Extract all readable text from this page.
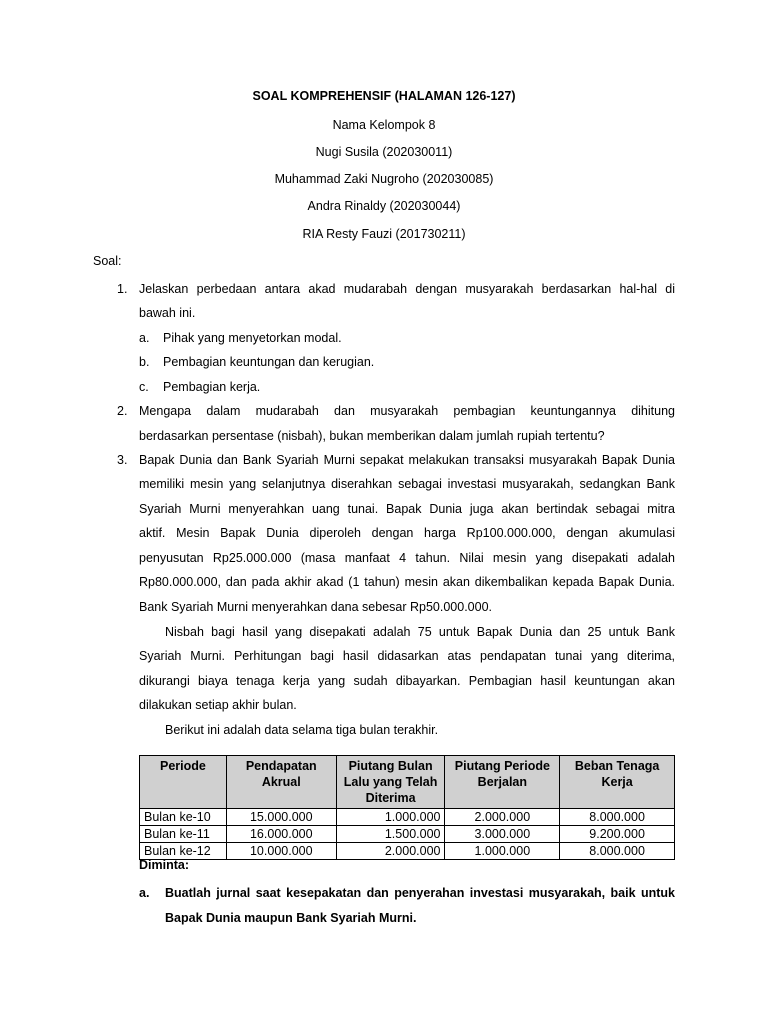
SOAL KOMPREHENSIF (HALAMAN 126-127)
Nama Kelompok 8
Nugi Susila (202030011)
Muhammad Zaki Nugroho (202030085)
Andra Rinaldy (202030044)
RIA Resty Fauzi (201730211)
Soal:
1. Jelaskan perbedaan antara akad mudarabah dengan musyarakah berdasarkan hal-hal di
bawah ini.
a. Pihak yang menyetorkan modal.
b. Pembagian keuntungan dan kerugian.
c. Pembagian kerja.
2. Mengapa dalam mudarabah dan musyarakah pembagian keuntungannya dihitung
berdasarkan persentase (nisbah), bukan memberikan dalam jumlah rupiah tertentu?
3. Bapak Dunia dan Bank Syariah Murni sepakat melakukan transaksi musyarakah Bapak Dunia
memiliki mesin yang selanjutnya diserahkan sebagai investasi musyarakah, sedangkan Bank
Syariah Murni menyerahkan uang tunai. Bapak Dunia juga akan bertindak sebagai mitra
aktif. Mesin Bapak Dunia diperoleh dengan harga Rp100.000.000, dengan akumulasi
penyusutan Rp25.000.000 (masa manfaat 4 tahun. Nilai mesin yang disepakati adalah
Rp80.000.000, dan pada akhir akad (1 tahun) mesin akan dikembalikan kepada Bapak Dunia.
Bank Syariah Murni menyerahkan dana sebesar Rp50.000.000.
Nisbah bagi hasil yang disepakati adalah 75 untuk Bapak Dunia dan 25 untuk Bank
Syariah Murni. Perhitungan bagi hasil didasarkan atas pendapatan tunai yang diterima,
dikurangi biaya tenaga kerja yang sudah dibayarkan. Pembagian hasil keuntungan akan
dilakukan setiap akhir bulan.
Berikut ini adalah data selama tiga bulan terakhir.
Periode	Pendapatan Akrual	Piutang Bulan Lalu yang Telah Diterima	Piutang Periode Berjalan	Beban Tenaga Kerja
Bulan ke-10	15.000.000	1.000.000	2.000.000	8.000.000
Bulan ke-11	16.000.000	1.500.000	3.000.000	9.200.000
Bulan ke-12	10.000.000	2.000.000	1.000.000	8.000.000
Diminta:
a. Buatlah jurnal saat kesepakatan dan penyerahan investasi musyarakah, baik untuk
Bapak Dunia maupun Bank Syariah Murni.
